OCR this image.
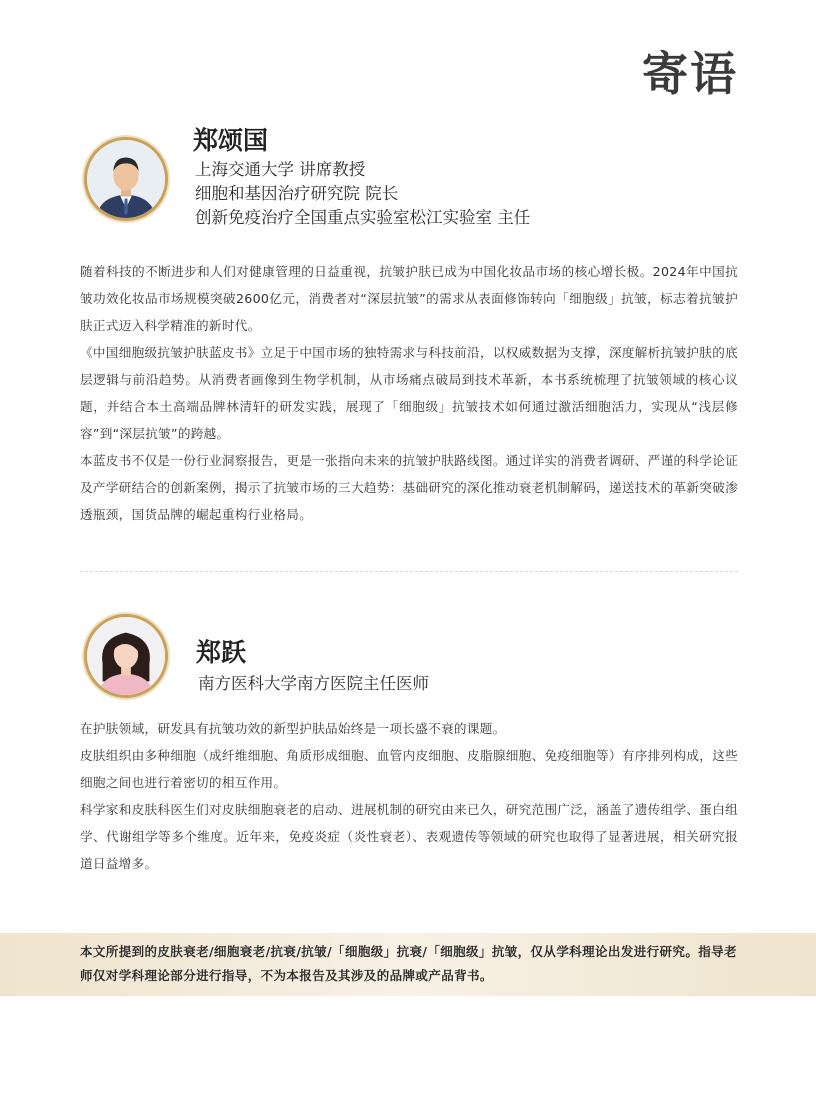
寄语
郑颂国
上海交通大学 讲席教授
细胞和基因治疗研究院 院长
创新免疫治疗全国重点实验室松江实验室 主任

随着科技的不断进步和人们对健康管理的日益重视，抗皱护肤已成为中国化妆品市场的核心增长极。2024年中国抗皱功效化妆品市场规模突破2600亿元，消费者对“深层抗皱”的需求从表面修饰转向「细胞级」抗皱，标志着抗皱护肤正式迈入科学精准的新时代。

《中国细胞级抗皱护肤蓝皮书》立足于中国市场的独特需求与科技前沿，以权威数据为支撑，深度解析抗皱护肤的底层逻辑与前沿趋势。从消费者画像到生物学机制，从市场痛点破局到技术革新，本书系统梳理了抗皱领域的核心议题，并结合本土高端品牌林清轩的研发实践，展现了「细胞级」抗皱技术如何通过激活细胞活力，实现从“浅层修容”到“深层抗皱”的跨越。

本蓝皮书不仅是一份行业洞察报告，更是一张指向未来的抗皱护肤路线图。通过详实的消费者调研、严谨的科学论证及产学研结合的创新案例，揭示了抗皱市场的三大趋势：基础研究的深化推动衰老机制解码，递送技术的革新突破渗透瓶颈，国货品牌的崛起重构行业格局。

郑跃
南方医科大学南方医院主任医师

在护肤领域，研发具有抗皱功效的新型护肤品始终是一项长盛不衰的课题。

皮肤组织由多种细胞（成纤维细胞、角质形成细胞、血管内皮细胞、皮脂腺细胞、免疫细胞等）有序排列构成，这些细胞之间也进行着密切的相互作用。

科学家和皮肤科医生们对皮肤细胞衰老的启动、进展机制的研究由来已久，研究范围广泛，涵盖了遗传组学、蛋白组学、代谢组学等多个维度。近年来，免疫炎症（炎性衰老）、表观遗传等领域的研究也取得了显著进展，相关研究报道日益增多。

本文所提到的皮肤衰老/细胞衰老/抗衰/抗皱/「细胞级」抗衰/「细胞级」抗皱，仅从学科理论出发进行研究。指导老师仅对学科理论部分进行指导，不为本报告及其涉及的品牌或产品背书。
